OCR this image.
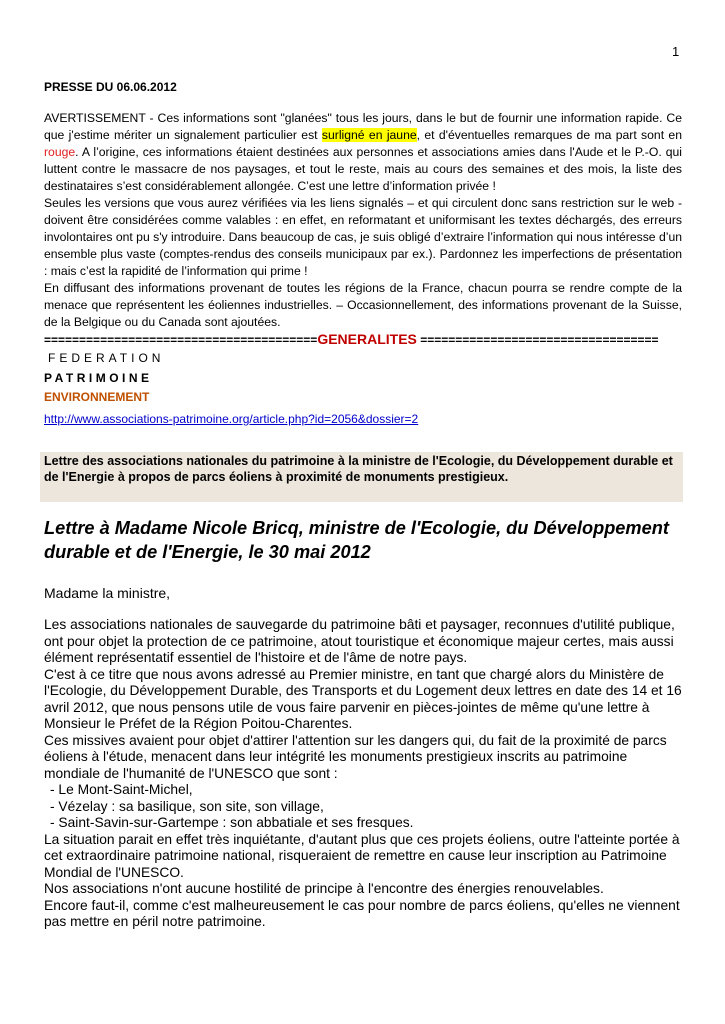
1
PRESSE DU 06.06.2012

AVERTISSEMENT - Ces informations sont "glanées" tous les jours, dans le but de fournir une information rapide. Ce que j'estime mériter un signalement particulier est surligné en jaune, et d'éventuelles remarques de ma part sont en rouge. A l’origine, ces informations étaient destinées aux personnes et associations amies dans l'Aude et le P.-O. qui luttent contre le massacre de nos paysages, et tout le reste, mais au cours des semaines et des mois, la liste des destinataires s’est considérablement allongée. C’est une lettre d’information privée !

Seules les versions que vous aurez vérifiées via les liens signalés – et qui circulent donc sans restriction sur le web - doivent être considérées comme valables : en effet, en reformatant et uniformisant les textes déchargés, des erreurs involontaires ont pu s'y introduire. Dans beaucoup de cas, je suis obligé d’extraire l’information qui nous intéresse d’un ensemble plus vaste (comptes-rendus des conseils municipaux par ex.). Pardonnez les imperfections de présentation : mais c’est la rapidité de l’information qui prime !

En diffusant des informations provenant de toutes les régions de la France, chacun pourra se rendre compte de la menace que représentent les éoliennes industrielles. – Occasionnellement, des informations provenant de la Suisse, de la Belgique ou du Canada sont ajoutées.

=======================================GENERALITES ==================================
FEDERATION
PATRIMOINE
ENVIRONNEMENT
http://www.associations-patrimoine.org/article.php?id=2056&dossier=2
Lettre des associations nationales du patrimoine à la ministre de l'Ecologie, du Développement durable et de l'Energie à propos de parcs éoliens à proximité de monuments prestigieux.
Lettre à Madame Nicole Bricq, ministre de l'Ecologie, du Développement durable et de l'Energie, le 30 mai 2012
Madame la ministre,

Les associations nationales de sauvegarde du patrimoine bâti et paysager, reconnues d'utilité publique, ont pour objet la protection de ce patrimoine, atout touristique et économique majeur certes, mais aussi élément représentatif essentiel de l'histoire et de l'âme de notre pays.

C'est à ce titre que nous avons adressé au Premier ministre, en tant que chargé alors du Ministère de l'Ecologie, du Développement Durable, des Transports et du Logement deux lettres en date des 14 et 16 avril 2012, que nous pensons utile de vous faire parvenir en pièces-jointes de même qu'une lettre à Monsieur le Préfet de la Région Poitou-Charentes.

Ces missives avaient pour objet d'attirer l'attention sur les dangers qui, du fait de la proximité de parcs éoliens à l'étude, menacent dans leur intégrité les monuments prestigieux inscrits au patrimoine mondiale de l'humanité de l'UNESCO que sont :

- Le Mont-Saint-Michel,

- Vézelay : sa basilique, son site, son village,

- Saint-Savin-sur-Gartempe : son abbatiale et ses fresques.

La situation parait en effet très inquiétante, d'autant plus que ces projets éoliens, outre l'atteinte portée à cet extraordinaire patrimoine national, risqueraient de remettre en cause leur inscription au Patrimoine Mondial de l'UNESCO.

Nos associations n'ont aucune hostilité de principe à l'encontre des énergies renouvelables.

Encore faut-il, comme c'est malheureusement le cas pour nombre de parcs éoliens, qu'elles ne viennent pas mettre en péril notre patrimoine.
